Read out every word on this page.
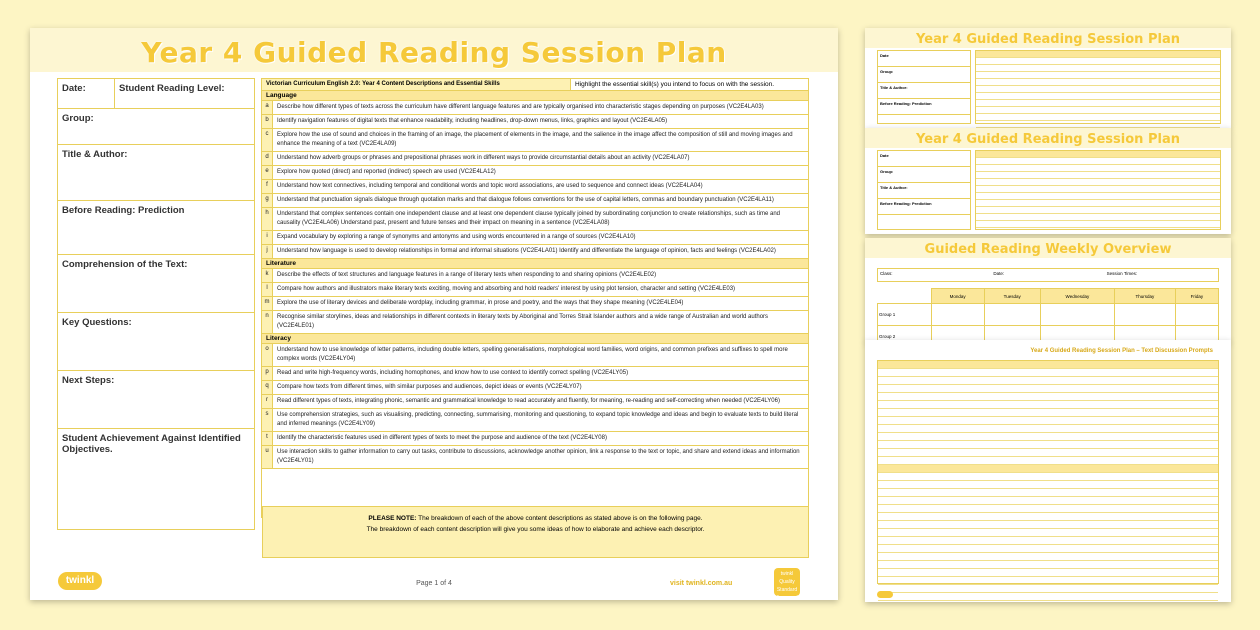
Year 4 Guided Reading Session Plan
Date:	Student Reading Level:
Group:
Title & Author:
Before Reading: Prediction
Comprehension of the Text:
Key Questions:
Next Steps:
Student Achievement Against Identified Objectives.
Victorian Curriculum English 2.0: Year 4 Content Descriptions and Essential Skills	Highlight the essential skill(s) you intend to focus on with the session.
Language
a	Describe how different types of texts across the curriculum have different language features and are typically organised into characteristic stages depending on purposes (VC2E4LA03)
b	Identify navigation features of digital texts that enhance readability, including headlines, drop-down menus, links, graphics and layout (VC2E4LA05)
c	Explore how the use of sound and choices in the framing of an image, the placement of elements in the image, and the salience in the image affect the composition of still and moving images and enhance the meaning of a text (VC2E4LA09)
d	Understand how adverb groups or phrases and prepositional phrases work in different ways to provide circumstantial details about an activity (VC2E4LA07)
e	Explore how quoted (direct) and reported (indirect) speech are used (VC2E4LA12)
f	Understand how text connectives, including temporal and conditional words and topic word associations, are used to sequence and connect ideas (VC2E4LA04)
g	Understand that punctuation signals dialogue through quotation marks and that dialogue follows conventions for the use of capital letters, commas and boundary punctuation (VC2E4LA11)
h	Understand that complex sentences contain one independent clause and at least one dependent clause typically joined by subordinating conjunction to create relationships, such as time and causality (VC2E4LA06) Understand past, present and future tenses and their impact on meaning in a sentence (VC2E4LA08)
i	Expand vocabulary by exploring a range of synonyms and antonyms and using words encountered in a range of sources (VC2E4LA10)
j	Understand how language is used to develop relationships in formal and informal situations (VC2E4LA01) Identify and differentiate the language of opinion, facts and feelings (VC2E4LA02)
Literature
k	Describe the effects of text structures and language features in a range of literary texts when responding to and sharing opinions (VC2E4LE02)
l	Compare how authors and illustrators make literary texts exciting, moving and absorbing and hold readers' interest by using plot tension, character and setting (VC2E4LE03)
m	Explore the use of literary devices and deliberate wordplay, including grammar, in prose and poetry, and the ways that they shape meaning (VC2E4LE04)
n	Recognise similar storylines, ideas and relationships in different contexts in literary texts by Aboriginal and Torres Strait Islander authors and a wide range of Australian and world authors (VC2E4LE01)
Literacy
o	Understand how to use knowledge of letter patterns, including double letters, spelling generalisations, morphological word families, word origins, and common prefixes and suffixes to spell more complex words (VC2E4LY04)
p	Read and write high-frequency words, including homophones, and know how to use context to identify correct spelling (VC2E4LY05)
q	Compare how texts from different times, with similar purposes and audiences, depict ideas or events (VC2E4LY07)
r	Read different types of texts, integrating phonic, semantic and grammatical knowledge to read accurately and fluently, for meaning, re-reading and self-correcting when needed (VC2E4LY06)
s	Use comprehension strategies, such as visualising, predicting, connecting, summarising, monitoring and questioning, to expand topic knowledge and ideas and begin to evaluate texts to build literal and inferred meanings (VC2E4LY09)
t	Identify the characteristic features used in different types of texts to meet the purpose and audience of the text (VC2E4LY08)
u	Use interaction skills to gather information to carry out tasks, contribute to discussions, acknowledge another opinion, link a response to the text or topic, and share and extend ideas and information (VC2E4LY01)
PLEASE NOTE: The breakdown of each of the above content descriptions as stated above is on the following page.
The breakdown of each content description will give you some ideas of how to elaborate and achieve each descriptor.
twinkl	Page 1 of 4	visit twinkl.com.au
twinkl Quality Standard Approved
Year 4 Guided Reading Session Plan
Date
Group:
Title & Author:
Before Reading: Prediction
Year 4 Guided Reading Session Plan
Date
Group:
Title & Author:
Before Reading: Prediction
Guided Reading Weekly Overview
Class:	Date:	Session Times:
	Monday	Tuesday	Wednesday	Thursday	Friday
Group 1					
Group 2					
Year 4 Guided Reading Session Plan – Text Discussion Prompts
